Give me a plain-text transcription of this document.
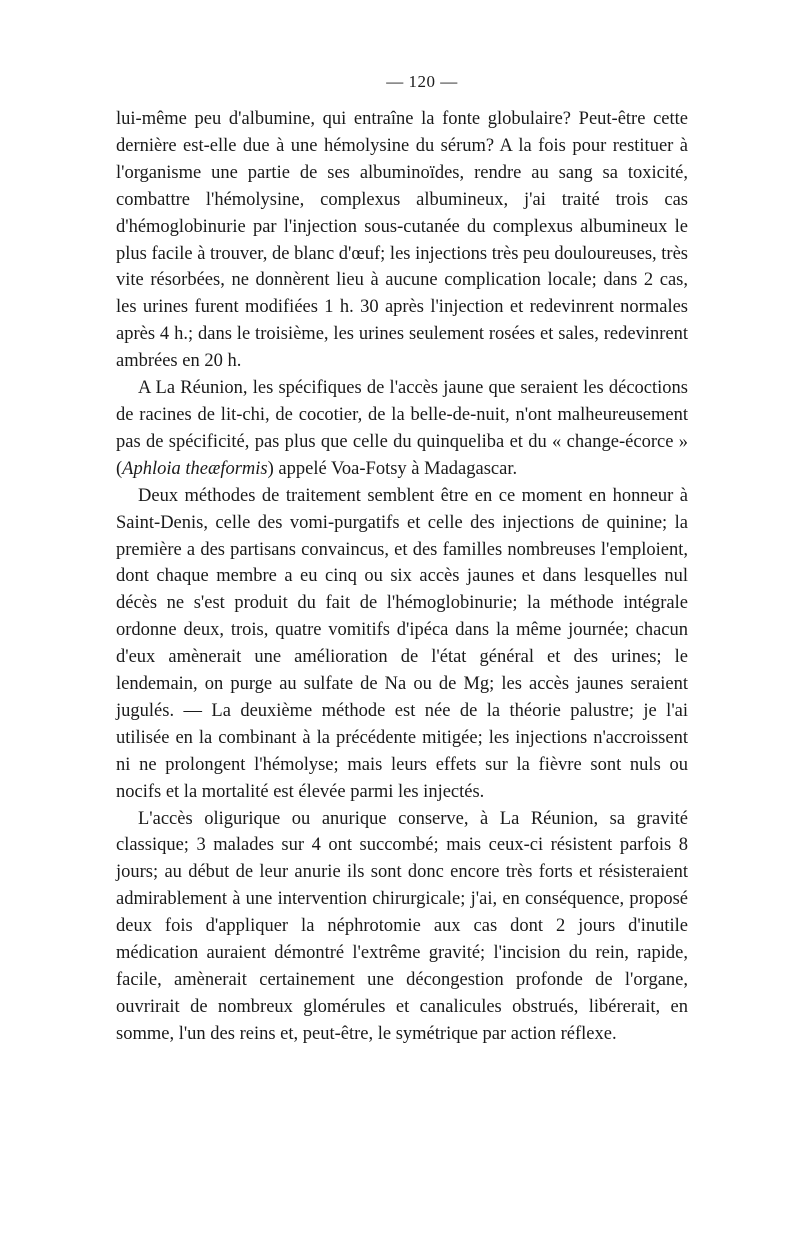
— 120 —

lui-même peu d'albumine, qui entraîne la fonte globulaire? Peut-être cette dernière est-elle due à une hémolysine du sérum? A la fois pour restituer à l'organisme une partie de ses albuminoïdes, rendre au sang sa toxicité, combattre l'hémolysine, complexus albumineux, j'ai traité trois cas d'hémoglobinurie par l'injection sous-cutanée du complexus albumineux le plus facile à trouver, de blanc d'œuf; les injections très peu douloureuses, très vite résorbées, ne donnèrent lieu à aucune complication locale; dans 2 cas, les urines furent modifiées 1 h. 30 après l'injection et redevinrent normales après 4 h.; dans le troisième, les urines seulement rosées et sales, redevinrent ambrées en 20 h.

A La Réunion, les spécifiques de l'accès jaune que seraient les décoctions de racines de lit-chi, de cocotier, de la belle-de-nuit, n'ont malheureusement pas de spécificité, pas plus que celle du quinqueliba et du « change-écorce » (Aphloia theæformis) appelé Voa-Fotsy à Madagascar.

Deux méthodes de traitement semblent être en ce moment en honneur à Saint-Denis, celle des vomi-purgatifs et celle des injections de quinine; la première a des partisans convaincus, et des familles nombreuses l'emploient, dont chaque membre a eu cinq ou six accès jaunes et dans lesquelles nul décès ne s'est produit du fait de l'hémoglobinurie; la méthode intégrale ordonne deux, trois, quatre vomitifs d'ipéca dans la même journée; chacun d'eux amènerait une amélioration de l'état général et des urines; le lendemain, on purge au sulfate de Na ou de Mg; les accès jaunes seraient jugulés. — La deuxième méthode est née de la théorie palustre; je l'ai utilisée en la combinant à la précédente mitigée; les injections n'accroissent ni ne prolongent l'hémolyse; mais leurs effets sur la fièvre sont nuls ou nocifs et la mortalité est élevée parmi les injectés.

L'accès oligurique ou anurique conserve, à La Réunion, sa gravité classique; 3 malades sur 4 ont succombé; mais ceux-ci résistent parfois 8 jours; au début de leur anurie ils sont donc encore très forts et résisteraient admirablement à une intervention chirurgicale; j'ai, en conséquence, proposé deux fois d'appliquer la néphrotomie aux cas dont 2 jours d'inutile médication auraient démontré l'extrême gravité; l'incision du rein, rapide, facile, amènerait certainement une décongestion profonde de l'organe, ouvrirait de nombreux glomérules et canalicules obstrués, libérerait, en somme, l'un des reins et, peut-être, le symétrique par action réflexe.
